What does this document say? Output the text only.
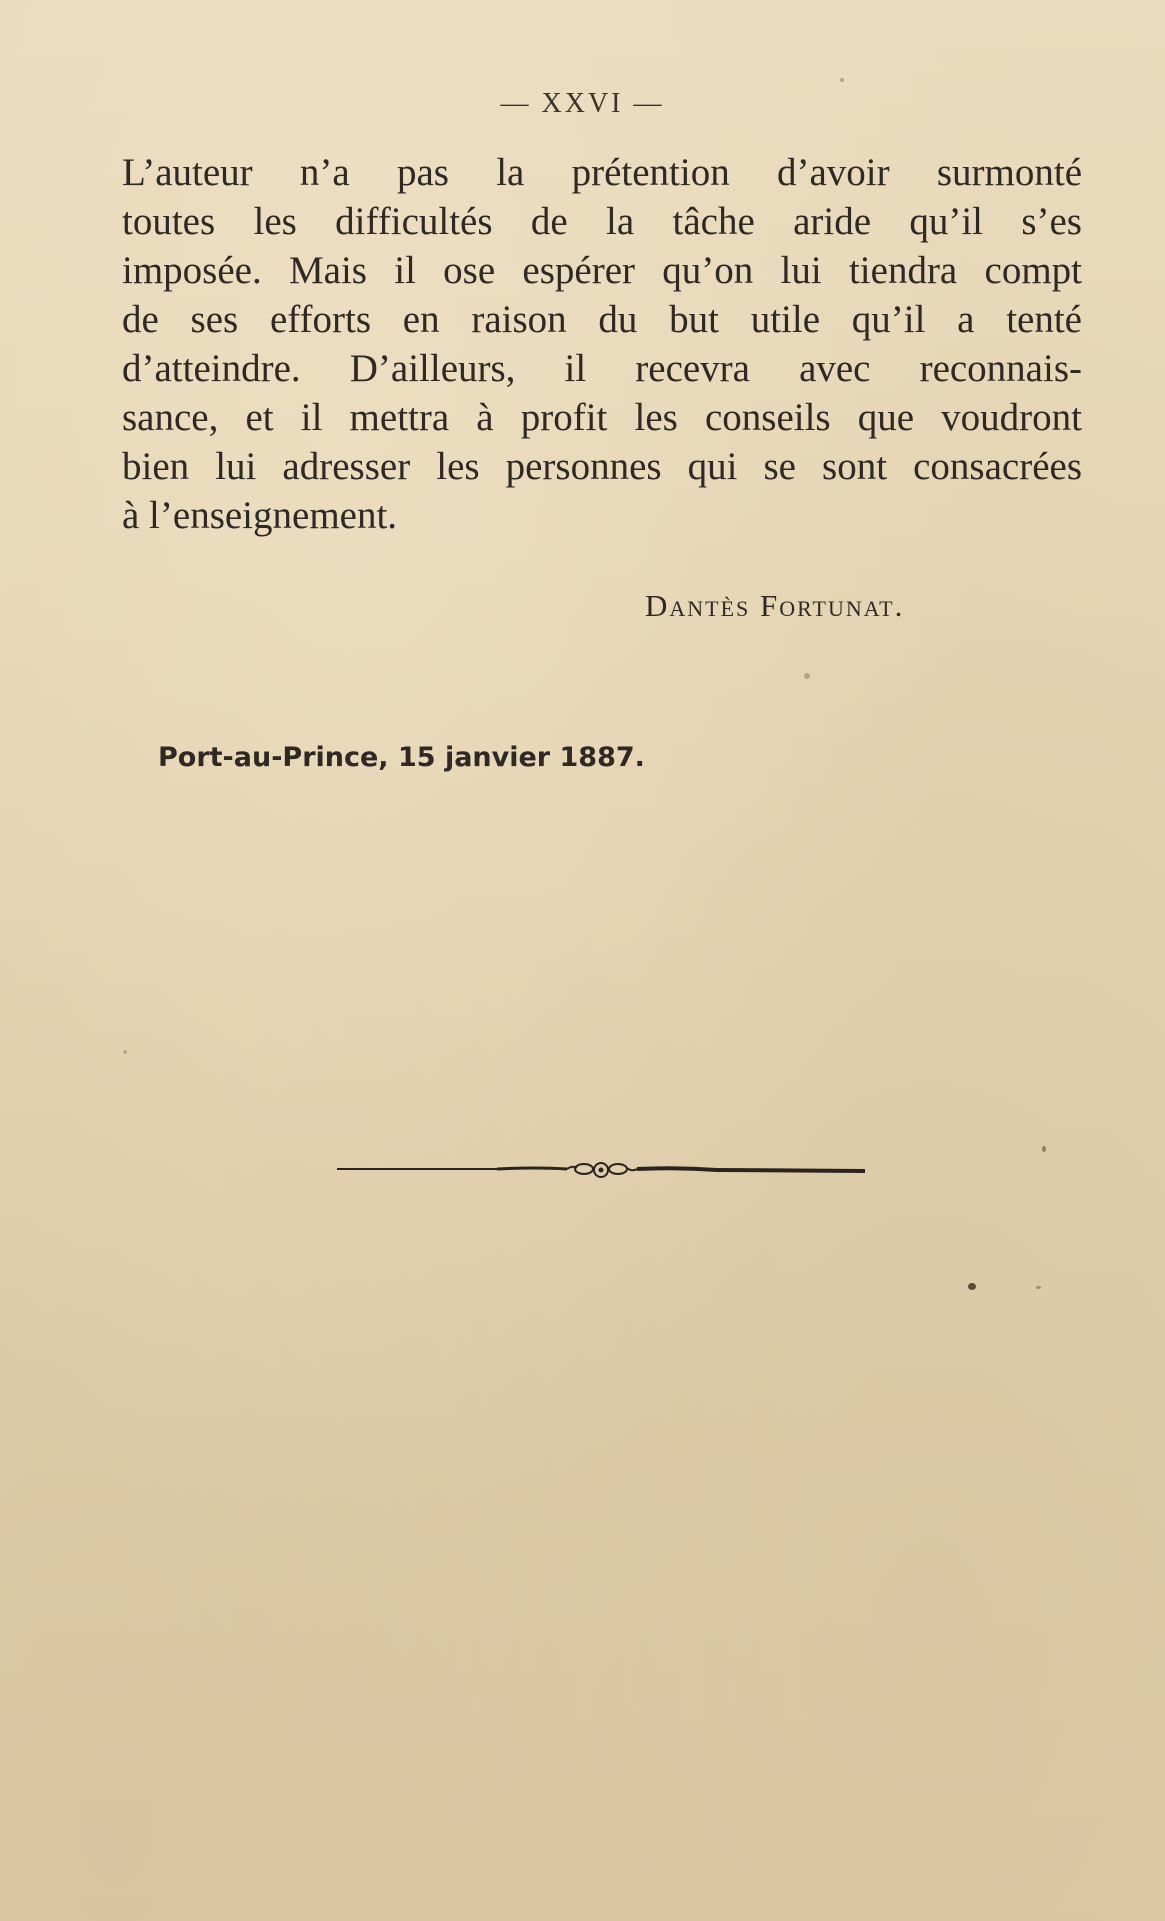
— XXVI —
L’auteur n’a pas la prétention d’avoir surmonté
toutes les difficultés de la tâche aride qu’il s’es
imposée. Mais il ose espérer qu’on lui tiendra compt
de ses efforts en raison du but utile qu’il a tenté
d’atteindre. D’ailleurs, il recevra avec reconnais-
sance, et il mettra à profit les conseils que voudront
bien lui adresser les personnes qui se sont consacrées
à l’enseignement.
Dantès Fortunat.
Port-au-Prince, 15 janvier 1887.
